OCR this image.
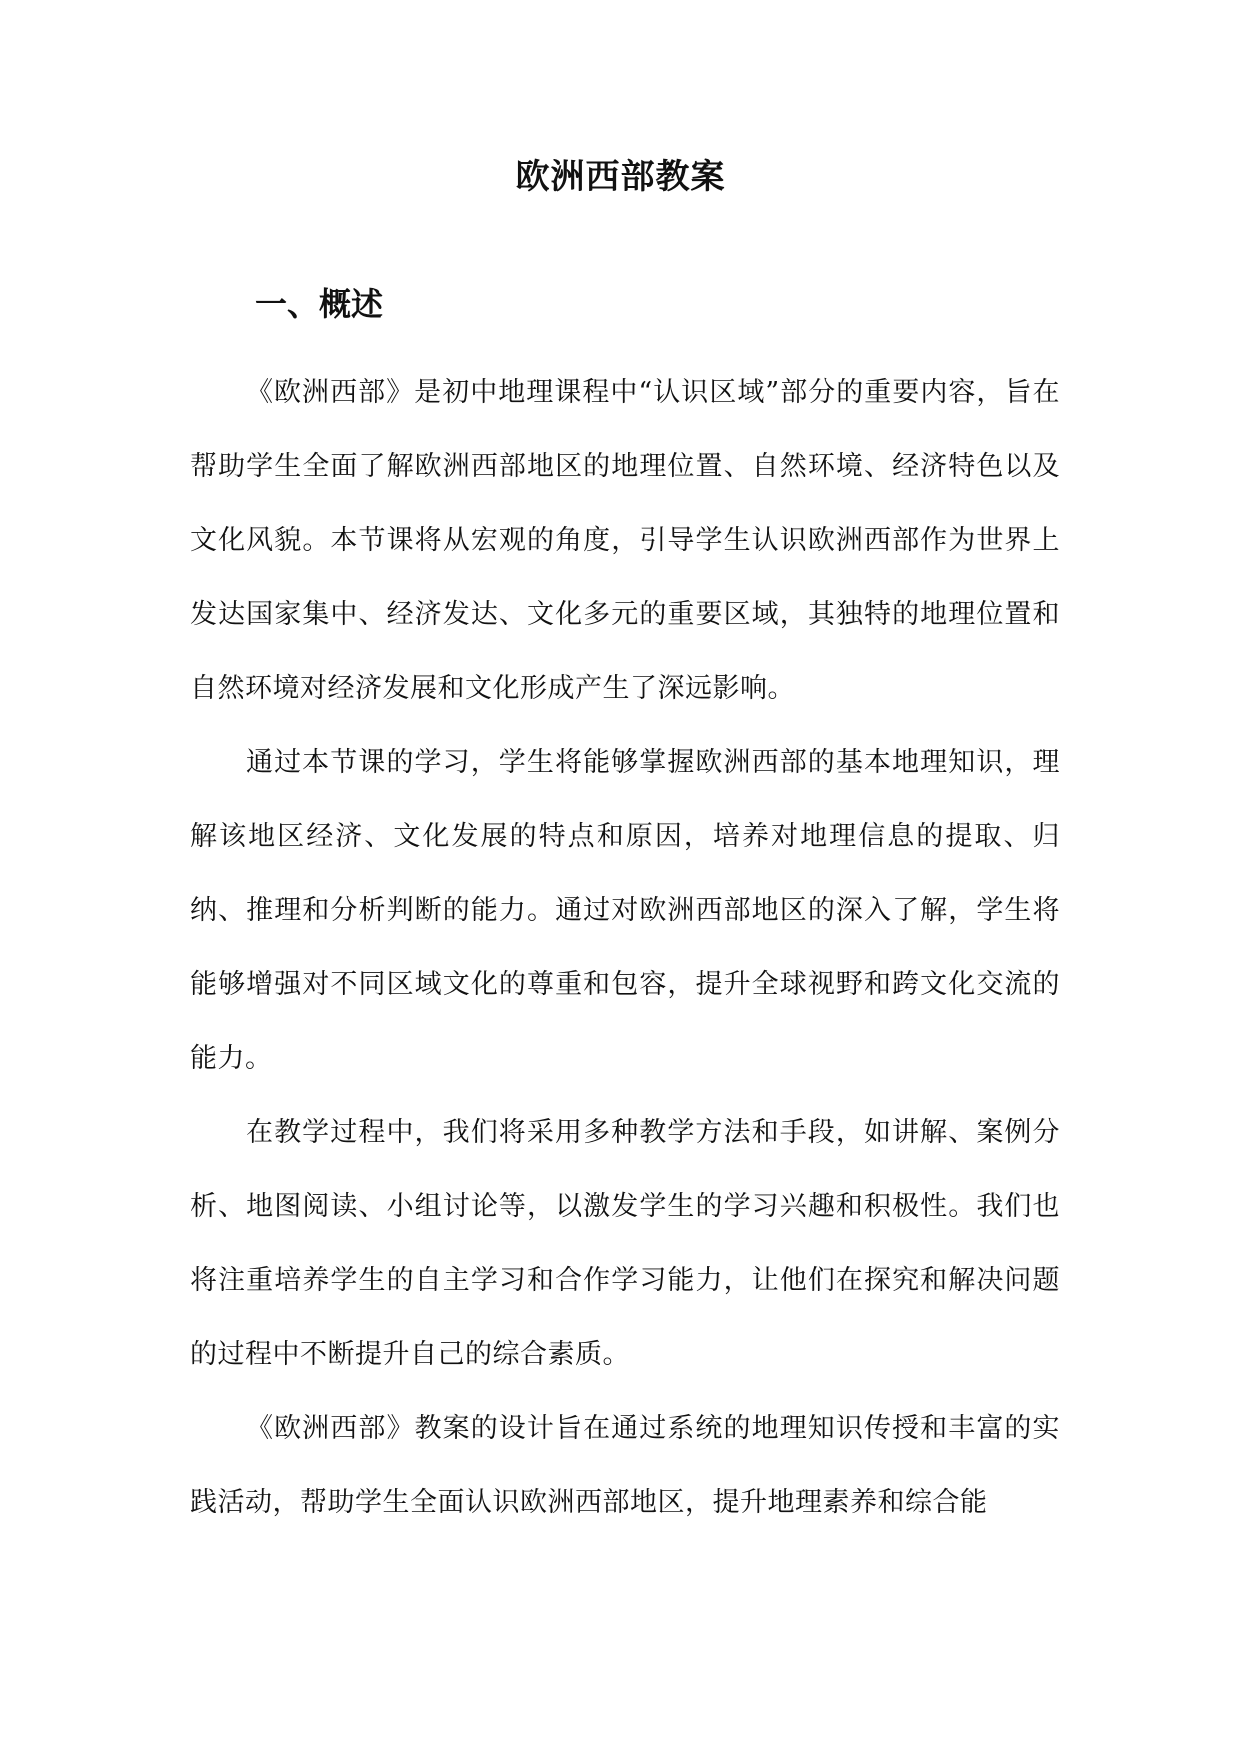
欧洲西部教案
一、概述

《欧洲西部》是初中地理课程中“认识区域”部分的重要内容，旨在帮助学生全面了解欧洲西部地区的地理位置、自然环境、经济特色以及文化风貌。本节课将从宏观的角度，引导学生认识欧洲西部作为世界上发达国家集中、经济发达、文化多元的重要区域，其独特的地理位置和自然环境对经济发展和文化形成产生了深远影响。

通过本节课的学习，学生将能够掌握欧洲西部的基本地理知识，理解该地区经济、文化发展的特点和原因，培养对地理信息的提取、归纳、推理和分析判断的能力。通过对欧洲西部地区的深入了解，学生将能够增强对不同区域文化的尊重和包容，提升全球视野和跨文化交流的能力。

在教学过程中，我们将采用多种教学方法和手段，如讲解、案例分析、地图阅读、小组讨论等，以激发学生的学习兴趣和积极性。我们也将注重培养学生的自主学习和合作学习能力，让他们在探究和解决问题的过程中不断提升自己的综合素质。

《欧洲西部》教案的设计旨在通过系统的地理知识传授和丰富的实践活动，帮助学生全面认识欧洲西部地区，提升地理素养和综合能
